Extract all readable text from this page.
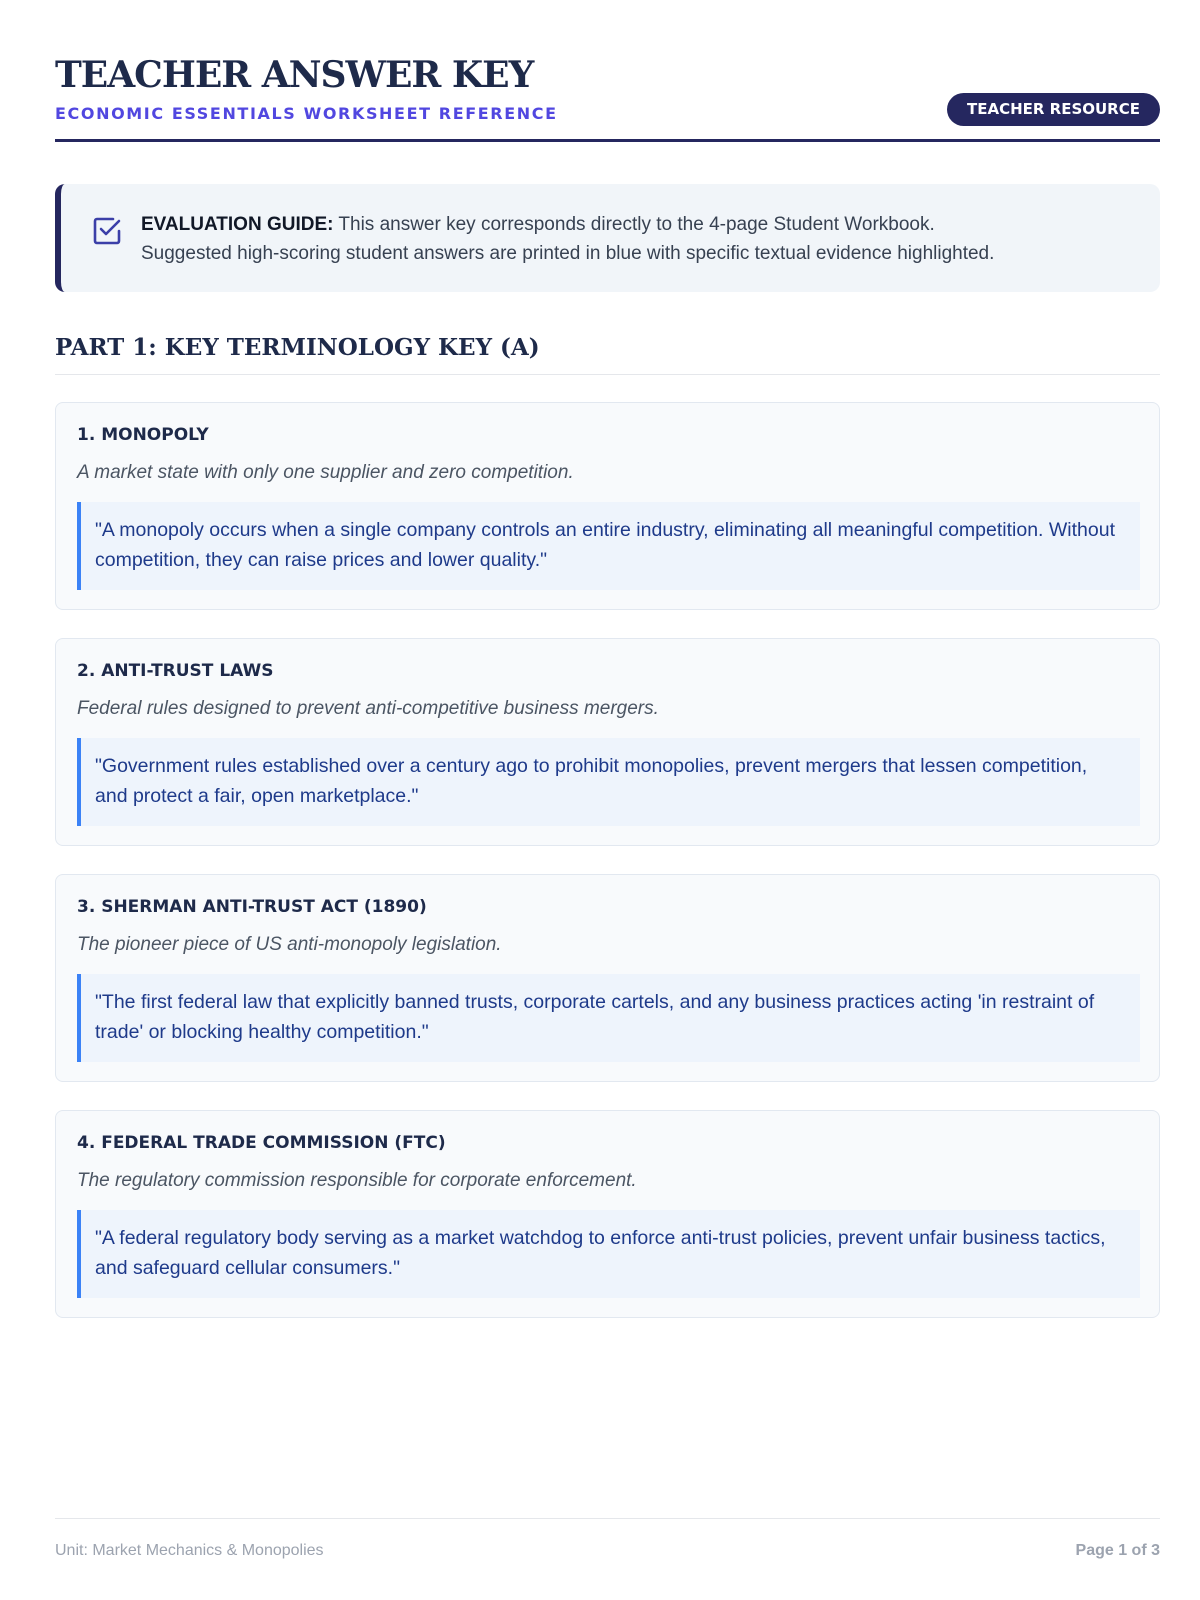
TEACHER ANSWER KEY
ECONOMIC ESSENTIALS WORKSHEET REFERENCE	TEACHER RESOURCE
EVALUATION GUIDE: This answer key corresponds directly to the 4-page Student Workbook.
Suggested high-scoring student answers are printed in blue with specific textual evidence highlighted.
PART 1: KEY TERMINOLOGY KEY (A)
1. MONOPOLY
A market state with only one supplier and zero competition.
"A monopoly occurs when a single company controls an entire industry, eliminating all meaningful competition. Without competition, they can raise prices and lower quality."
2. ANTI-TRUST LAWS
Federal rules designed to prevent anti-competitive business mergers.
"Government rules established over a century ago to prohibit monopolies, prevent mergers that lessen competition, and protect a fair, open marketplace."
3. SHERMAN ANTI-TRUST ACT (1890)
The pioneer piece of US anti-monopoly legislation.
"The first federal law that explicitly banned trusts, corporate cartels, and any business practices acting 'in restraint of trade' or blocking healthy competition."
4. FEDERAL TRADE COMMISSION (FTC)
The regulatory commission responsible for corporate enforcement.
"A federal regulatory body serving as a market watchdog to enforce anti-trust policies, prevent unfair business tactics, and safeguard cellular consumers."
Unit: Market Mechanics & Monopolies	Page 1 of 3
